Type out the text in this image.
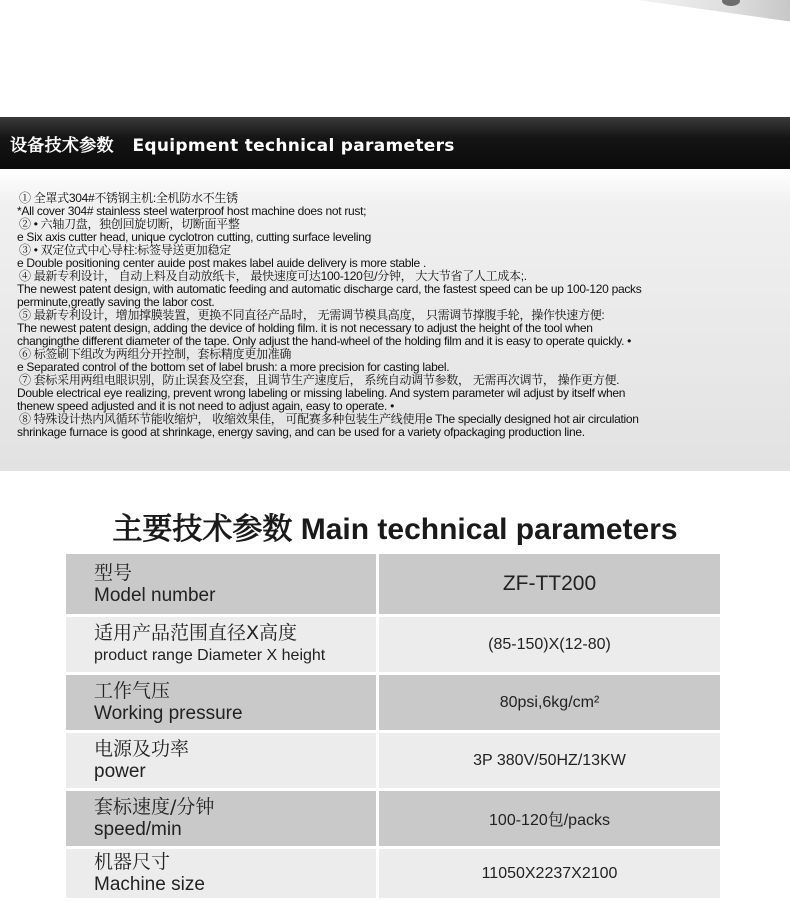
设备技术参数   Equipment technical parameters
① 全罩式304#不锈钢主机:全机防水不生锈
*All cover 304# stainless steel waterproof host machine does not rust;
② • 六轴刀盘，独创回旋切断，切断面平整
e Six axis cutter head, unique cyclotron cutting, cutting surface leveling
③ • 双定位式中心导柱:标签导送更加稳定
e Double positioning center auide post makes label auide delivery is more stable .
④ 最新专利设计， 自动上料及自动放纸卡， 最快速度可达100-120包/分钟， 大大节省了人工成本;.
The newest patent design, with automatic feeding and automatic discharge card, the fastest speed can be up 100-120 packs
perminute,greatly saving the labor cost.
⑤ 最新专利设计，增加撑膜装置，更换不同直径产品时， 无需调节模具高度， 只需调节撑腹手轮，操作快速方便:
The newest patent design, adding the device of holding film. it is not necessary to adjust the height of the tool when
changingthe different diameter of the tape. Only adjust the hand-wheel of the holding film and it is easy to operate quickly. •
⑥ 标签刷下组改为两组分开控制，套标精度更加准确
e Separated control of the bottom set of label brush: a more precision for casting label.
⑦ 套标采用两组电眼识别，防止误套及空套，且调节生产速度后， 系统自动调节参数， 无需再次调节， 操作更方便.
Double electrical eye realizing, prevent wrong labeling or missing labeling. And system parameter wil adjust by itself when
thenew speed adjusted and it is not need to adjust again, easy to operate. •
⑧ 特殊设计热内风循环节能收缩炉， 收缩效果佳， 可配赛多种包装生产线使用e The specially designed hot air circulation
shrinkage furnace is good at shrinkage, energy saving, and can be used for a variety ofpackaging production line.
主要技术参数 Main technical parameters
型号
Model number	ZF-TT200

适用产品范围直径X高度
product range Diameter X height	(85-150)X(12-80)

工作气压
Working pressure	80psi,6kg/cm²

电源及功率
power	3P 380V/50HZ/13KW

套标速度/分钟
speed/min	100-120包/packs

机器尺寸
Machine size	11050X2237X2100
